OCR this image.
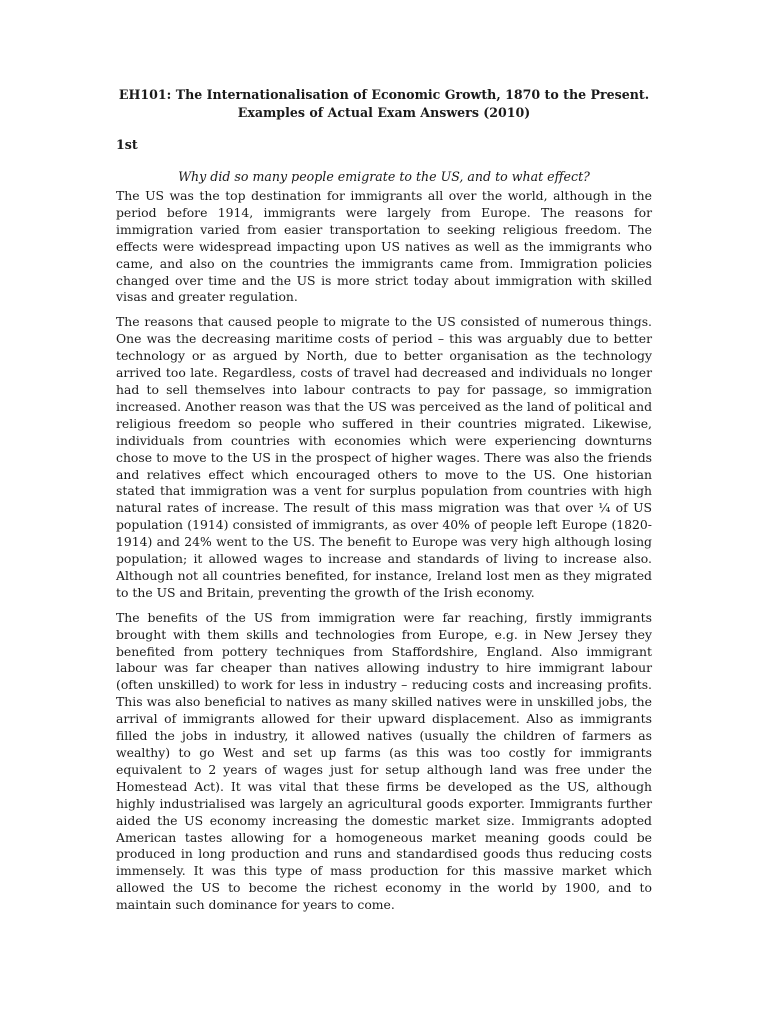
EH101: The Internationalisation of Economic Growth, 1870 to the Present.
Examples of Actual Exam Answers (2010)
1st
Why did so many people emigrate to the US, and to what effect?

The US was the top destination for immigrants all over the world, although in the period before 1914, immigrants were largely from Europe. The reasons for immigration varied from easier transportation to seeking religious freedom. The effects were widespread impacting upon US natives as well as the immigrants who came, and also on the countries the immigrants came from. Immigration policies changed over time and the US is more strict today about immigration with skilled visas and greater regulation.

The reasons that caused people to migrate to the US consisted of numerous things. One was the decreasing maritime costs of period – this was arguably due to better technology or as argued by North, due to better organisation as the technology arrived too late. Regardless, costs of travel had decreased and individuals no longer had to sell themselves into labour contracts to pay for passage, so immigration increased. Another reason was that the US was perceived as the land of political and religious freedom so people who suffered in their countries migrated. Likewise, individuals from countries with economies which were experiencing downturns chose to move to the US in the prospect of higher wages. There was also the friends and relatives effect which encouraged others to move to the US. One historian stated that immigration was a vent for surplus population from countries with high natural rates of increase. The result of this mass migration was that over ¼ of US population (1914) consisted of immigrants, as over 40% of people left Europe (1820-1914) and 24% went to the US. The benefit to Europe was very high although losing population; it allowed wages to increase and standards of living to increase also. Although not all countries benefited, for instance, Ireland lost men as they migrated to the US and Britain, preventing the growth of the Irish economy.

The benefits of the US from immigration were far reaching, firstly immigrants brought with them skills and technologies from Europe, e.g. in New Jersey they benefited from pottery techniques from Staffordshire, England. Also immigrant labour was far cheaper than natives allowing industry to hire immigrant labour (often unskilled) to work for less in industry – reducing costs and increasing profits. This was also beneficial to natives as many skilled natives were in unskilled jobs, the arrival of immigrants allowed for their upward displacement. Also as immigrants filled the jobs in industry, it allowed natives (usually the children of farmers as wealthy) to go West and set up farms (as this was too costly for immigrants equivalent to 2 years of wages just for setup although land was free under the Homestead Act). It was vital that these firms be developed as the US, although highly industrialised was largely an agricultural goods exporter. Immigrants further aided the US economy increasing the domestic market size. Immigrants adopted American tastes allowing for a homogeneous market meaning goods could be produced in long production and runs and standardised goods thus reducing costs immensely. It was this type of mass production for this massive market which allowed the US to become the richest economy in the world by 1900, and to maintain such dominance for years to come.
